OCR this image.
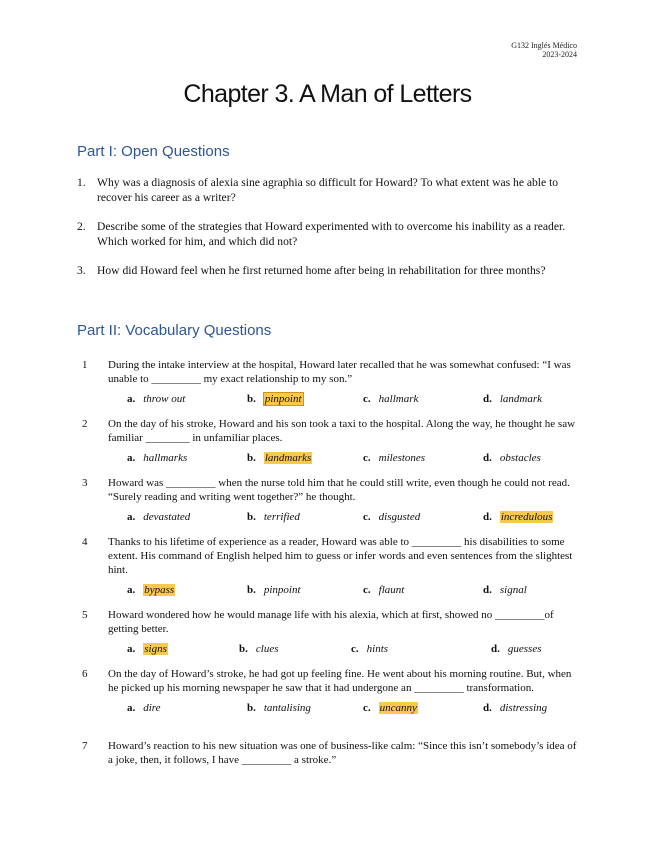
G132 Inglés Médico
2023-2024
Chapter 3. A Man of Letters
Part I: Open Questions
1. Why was a diagnosis of alexia sine agraphia so difficult for Howard? To what extent was he able to recover his career as a writer?
2. Describe some of the strategies that Howard experimented with to overcome his inability as a reader. Which worked for him, and which did not?
3. How did Howard feel when he first returned home after being in rehabilitation for three months?
Part II: Vocabulary Questions
1 During the intake interview at the hospital, Howard later recalled that he was somewhat confused: “I was unable to _________ my exact relationship to my son.”
a. throw out	b. pinpoint	c. hallmark	d. landmark
2 On the day of his stroke, Howard and his son took a taxi to the hospital. Along the way, he thought he saw familiar ________ in unfamiliar places.
a. hallmarks	b. landmarks	c. milestones	d. obstacles
3 Howard was _________ when the nurse told him that he could still write, even though he could not read. “Surely reading and writing went together?” he thought.
a. devastated	b. terrified	c. disgusted	d. incredulous
4 Thanks to his lifetime of experience as a reader, Howard was able to _________ his disabilities to some extent. His command of English helped him to guess or infer words and even sentences from the slightest hint.
a. bypass	b. pinpoint	c. flaunt	d. signal
5 Howard wondered how he would manage life with his alexia, which at first, showed no _________of getting better.
a. signs	b. clues	c. hints	d. guesses
6 On the day of Howard’s stroke, he had got up feeling fine. He went about his morning routine. But, when he picked up his morning newspaper he saw that it had undergone an _________ transformation.
a. dire	b. tantalising	c. uncanny	d. distressing
7 Howard’s reaction to his new situation was one of business-like calm: “Since this isn’t somebody’s idea of a joke, then, it follows, I have _________ a stroke.”
